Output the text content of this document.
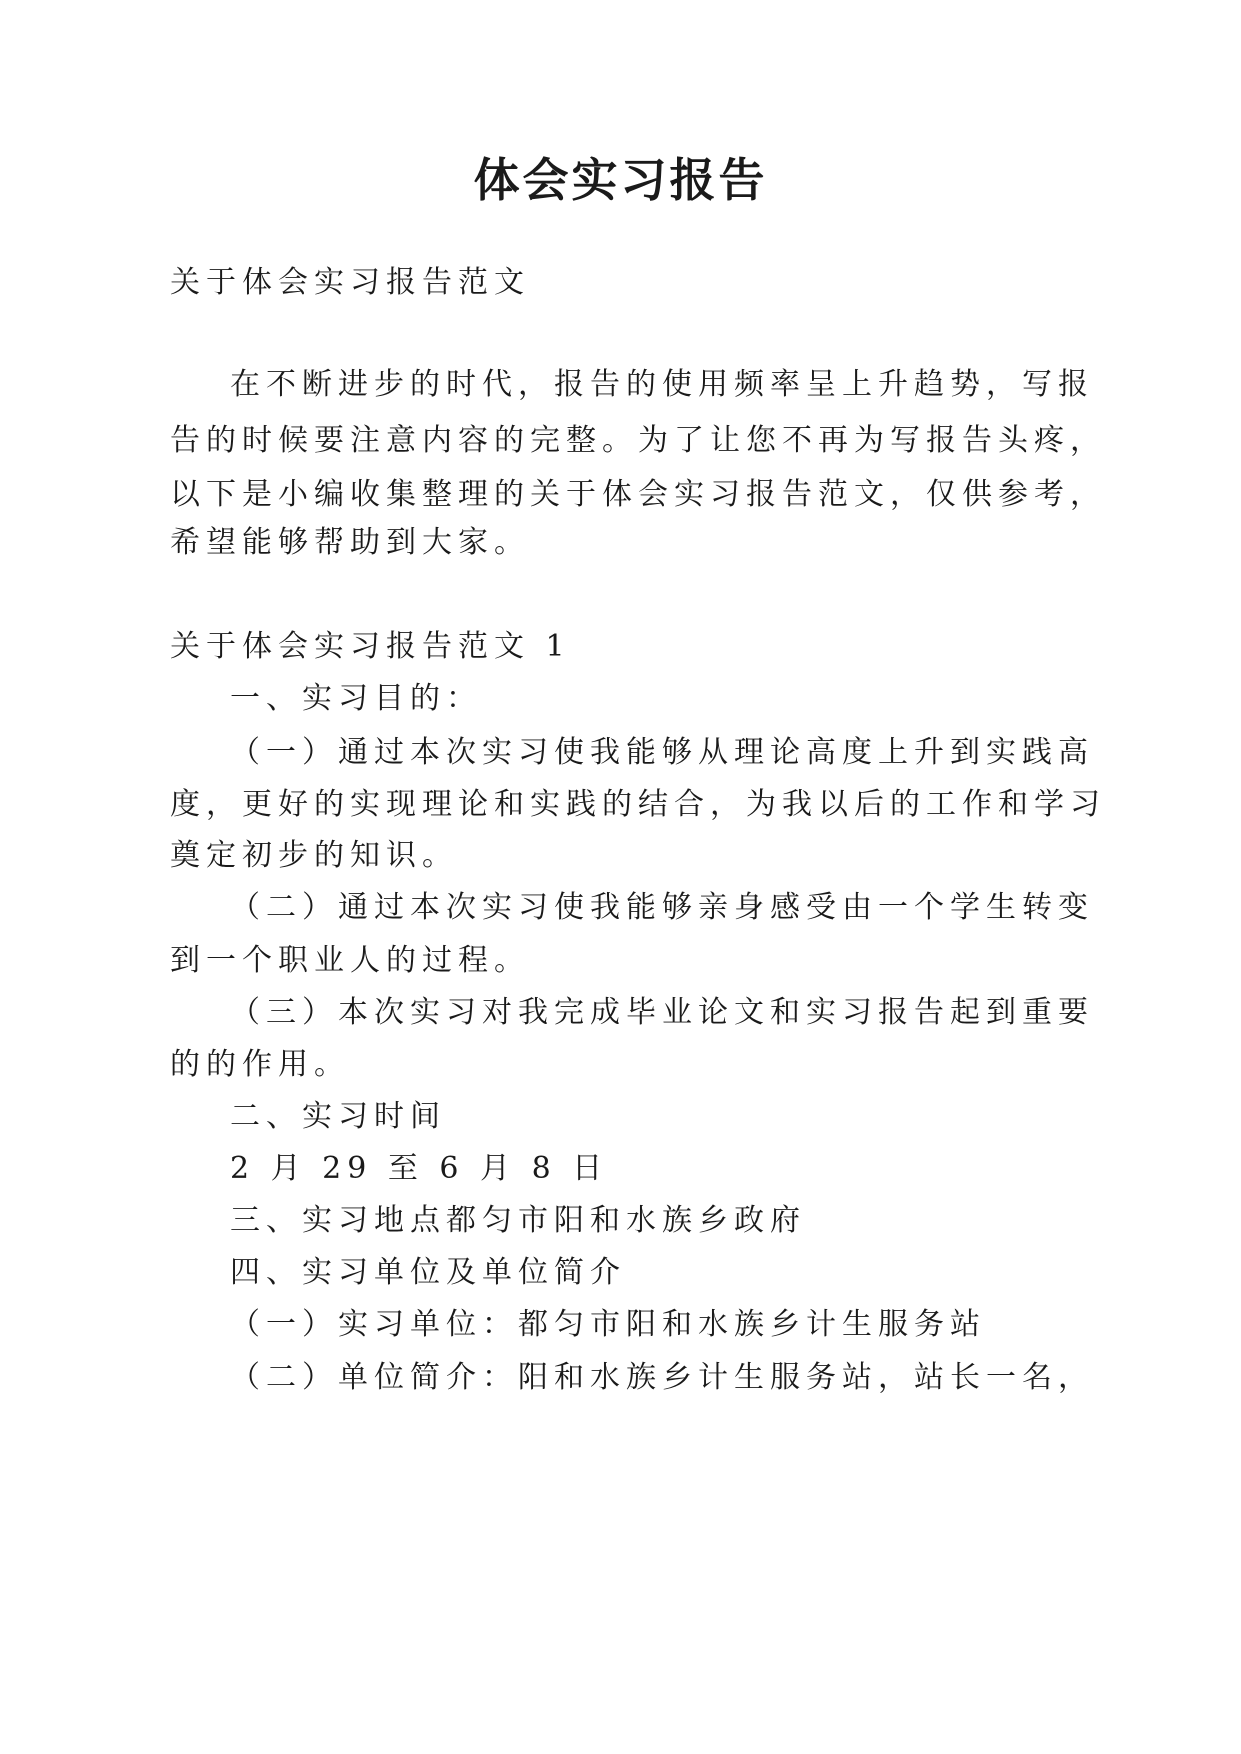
体会实习报告

关于体会实习报告范文

在不断进步的时代，报告的使用频率呈上升趋势，写报

告的时候要注意内容的完整。为了让您不再为写报告头疼，

以下是小编收集整理的关于体会实习报告范文，仅供参考，

希望能够帮助到大家。

关于体会实习报告范文 1

一、实习目的：

（一）通过本次实习使我能够从理论高度上升到实践高

度，更好的实现理论和实践的结合，为我以后的工作和学习

奠定初步的知识。

（二）通过本次实习使我能够亲身感受由一个学生转变

到一个职业人的过程。

（三）本次实习对我完成毕业论文和实习报告起到重要

的的作用。

二、实习时间

2 月 29 至 6 月 8 日

三、实习地点都匀市阳和水族乡政府

四、实习单位及单位简介

（一）实习单位：都匀市阳和水族乡计生服务站

（二）单位简介：阳和水族乡计生服务站，站长一名，
